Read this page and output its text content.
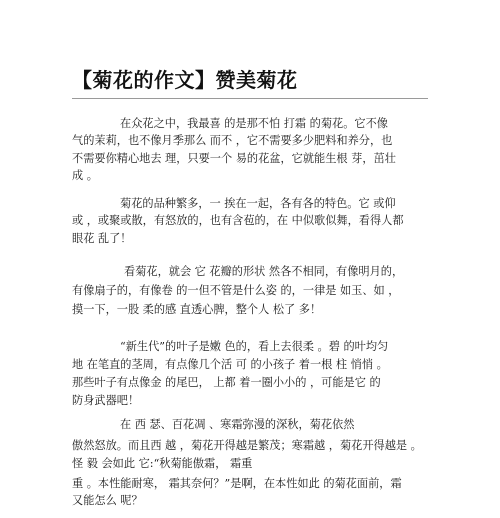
【菊花的作文】赞美菊花
在众花之中，我最喜 的是那不怕 打霜 的菊花。它不像
气的茉莉，也不像月季那么 而不 ，它不需要多少肥料和养分，也
不需要你精心地去 理，只要一个 易的花盆，它就能生根 芽，茁壮
成 。
菊花的品种繁多，一 挨在一起，各有各的特色。它 或仰
或 ，或聚或散，有怒放的，也有含苞的，在 中似歌似舞，看得人都
眼花 乱了！
看菊花，就会 它 花瓣的形状 然各不相同，有像明月的，
有像扇子的，有像卷 的一但不管是什么姿 的，一律是 如玉、如 ，
摸一下，一股 柔的感 直透心脾，整个人 松了 多！
“新生代”的叶子是嫩 色的，看上去很柔 。碧 的叶均匀
地 在笔直的茎周，有点像几个活 可 的小孩子 着一根 柱 悄悄 。
那些叶子有点像金 的尾巴， 上都 着一圈小小的 ，可能是它 的
防身武器吧！
在 西 瑟、百花凋 、寒霜弥漫的深秋，菊花依然
傲然怒放。而且西 越 ，菊花开得越是繁茂；寒霜越 ，菊花开得越是 。
怪 毅 会如此 它:“秋菊能傲霜， 霜重
重 。本性能耐寒， 霜其奈何？”是啊，在本性如此 的菊花面前，霜
又能怎么 呢？
